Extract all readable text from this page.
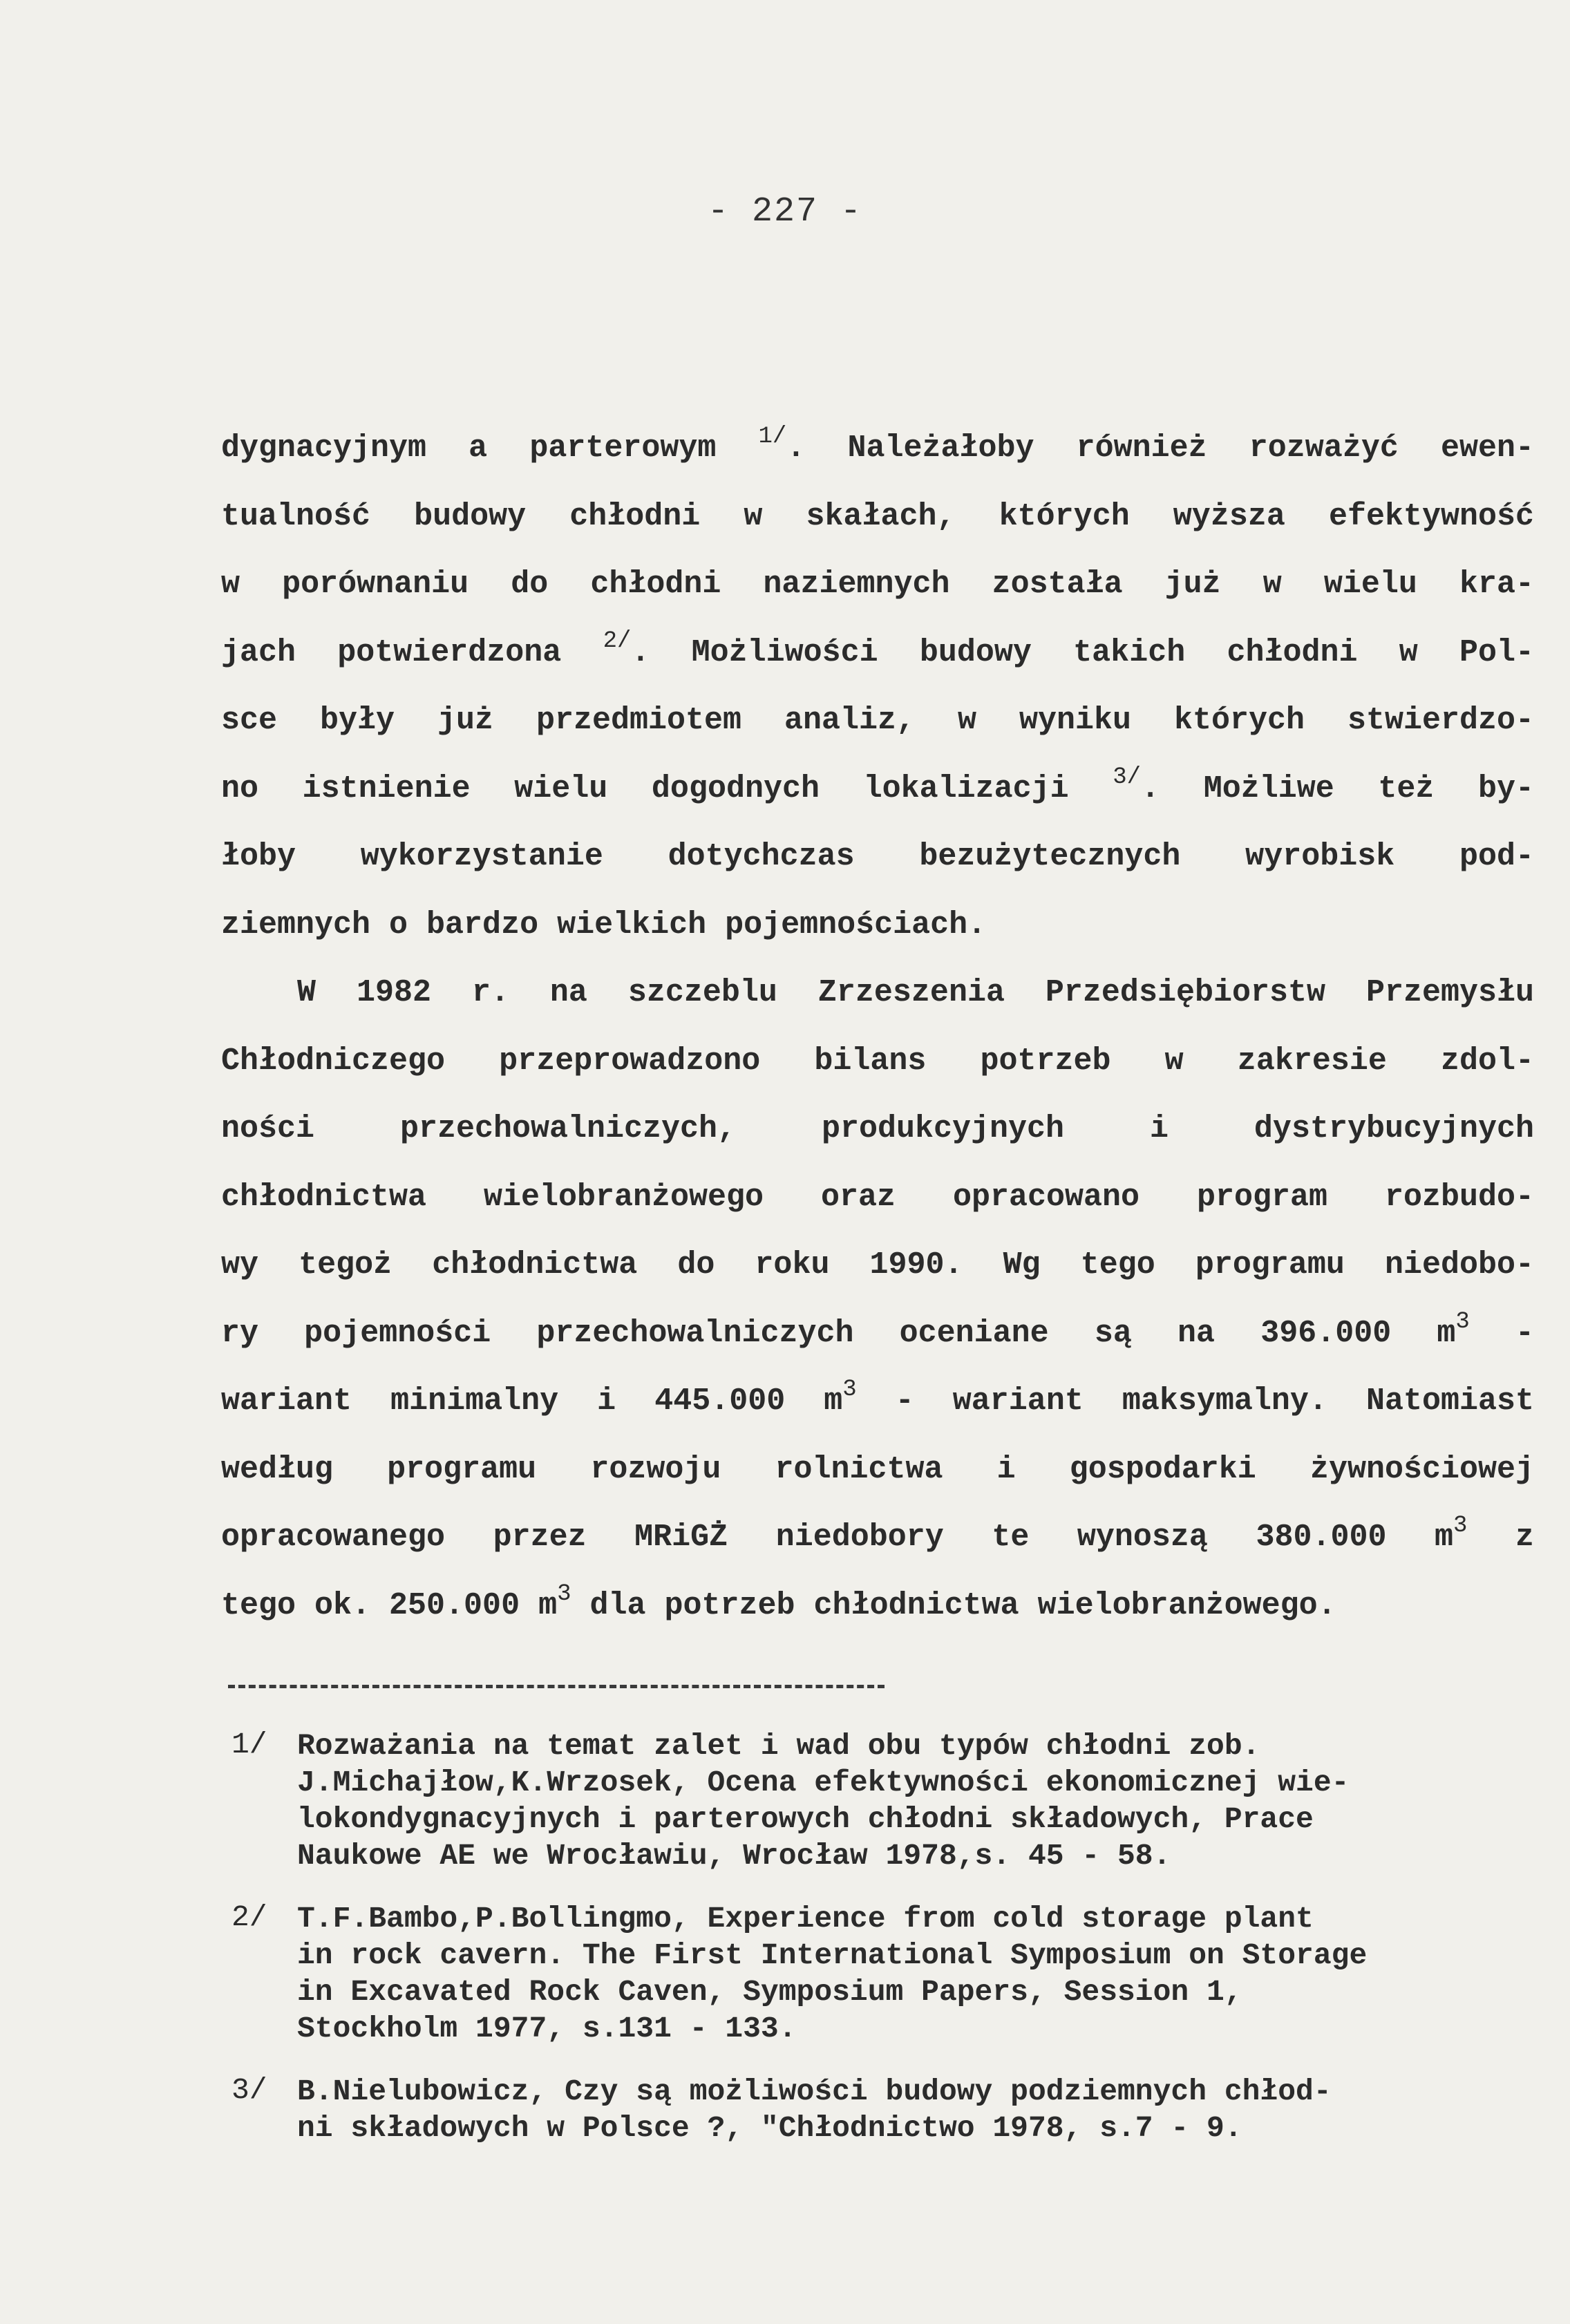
- 227 -
dygnacyjnym a parterowym $^{1/}$. Należałoby również rozważyć ewen-
tualność budowy chłodni w skałach, których wyższa efektywność
w porównaniu do chłodni naziemnych została już w wielu kra-
jach potwierdzona $^{2/}$. Możliwości budowy takich chłodni w Pol-
sce były już przedmiotem analiz, w wyniku których stwierdzo-
no istnienie wielu dogodnych lokalizacji $^{3/}$. Możliwe też by-
łoby wykorzystanie dotychczas bezużytecznych wyrobisk pod-
ziemnych o bardzo wielkich pojemnościach.
W 1982 r. na szczeblu Zrzeszenia Przedsiębiorstw Przemysłu
Chłodniczego przeprowadzono bilans potrzeb w zakresie zdol-
ności przechowalniczych, produkcyjnych i dystrybucyjnych
chłodnictwa wielobranżowego oraz opracowano program rozbudo-
wy tegoż chłodnictwa do roku 1990. Wg tego programu niedobo-
ry pojemności przechowalniczych oceniane są na 396.000 $m^3$ -
wariant minimalny i 445.000 $m^3$ - wariant maksymalny. Natomiast
według programu rozwoju rolnictwa i gospodarki żywnościowej
opracowanego przez MRiGŻ niedobory te wynoszą 380.000 $m^3$ z
tego ok. 250.000 $m^3$ dla potrzeb chłodnictwa wielobranżowego.
1/ Rozważania na temat zalet i wad obu typów chłodni zob.
J.Michajłow,K.Wrzosek, Ocena efektywności ekonomicznej wie-
lokondygnacyjnych i parterowych chłodni składowych, Prace
Naukowe AE we Wrocławiu, Wrocław 1978,s. 45 - 58.
2/ T.F.Bambo,P.Bollingmo, Experience from cold storage plant
in rock cavern. The First International Symposium on Storage
in Excavated Rock Caven, Symposium Papers, Session 1,
Stockholm 1977, s.131 - 133.
3/ B.Nielubowicz, Czy są możliwości budowy podziemnych chłod-
ni składowych w Polsce ?, "Chłodnictwo 1978, s.7 - 9.
